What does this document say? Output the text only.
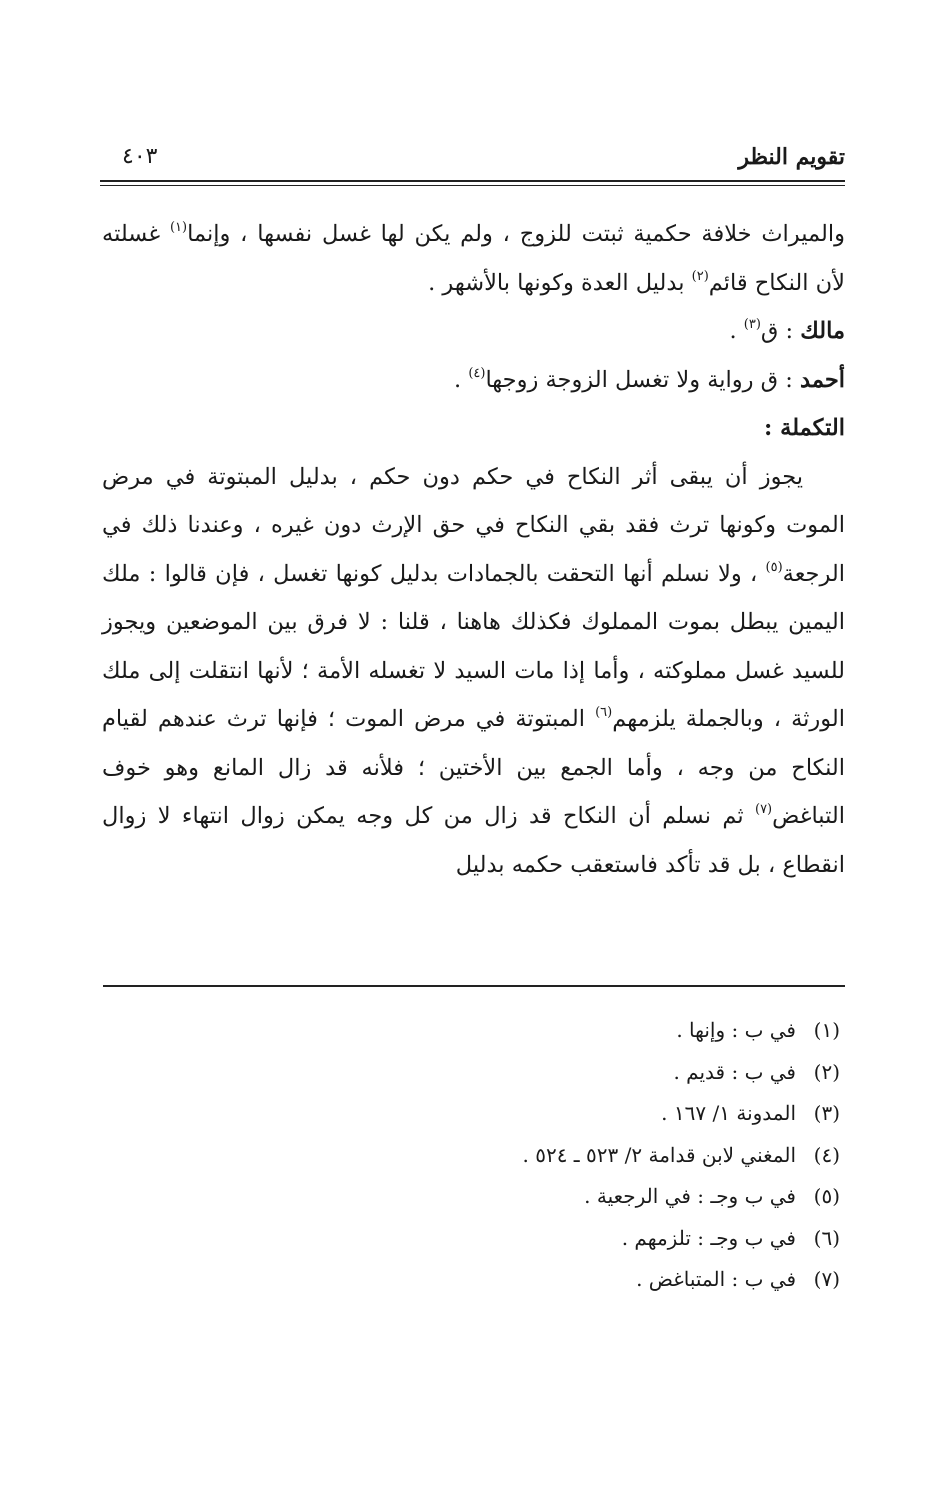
تقويم النظر
٤٠٣

والميراث خلافة حكمية ثبتت للزوج ، ولم يكن لها غسل نفسها ، وإنما$^{(١)}$ غسلته لأن النكاح قائم$^{(٢)}$ بدليل العدة وكونها بالأشهر .

مالك : ق$^{(٣)}$ .

أحمد : ق رواية ولا تغسل الزوجة زوجها$^{(٤)}$ .

التكملة :

يجوز أن يبقى أثر النكاح في حكم دون حكم ، بدليل المبتوتة في مرض الموت وكونها ترث فقد بقي النكاح في حق الإرث دون غيره ، وعندنا ذلك في الرجعة$^{(٥)}$ ، ولا نسلم أنها التحقت بالجمادات بدليل كونها تغسل ، فإن قالوا : ملك اليمين يبطل بموت المملوك فكذلك هاهنا ، قلنا : لا فرق بين الموضعين ويجوز للسيد غسل مملوكته ، وأما إذا مات السيد لا تغسله الأمة ؛ لأنها انتقلت إلى ملك الورثة ، وبالجملة يلزمهم$^{(٦)}$ المبتوتة في مرض الموت ؛ فإنها ترث عندهم لقيام النكاح من وجه ، وأما الجمع بين الأختين ؛ فلأنه قد زال المانع وهو خوف التباغض$^{(٧)}$ ثم نسلم أن النكاح قد زال من كل وجه يمكن زوال انتهاء لا زوال انقطاع ، بل قد تأكد فاستعقب حكمه بدليل

(١)في ب : وإنها .
(٢)في ب : قديم .
(٣)المدونة ١/ ١٦٧ .
(٤)المغني لابن قدامة ٢/ ٥٢٣ ـ ٥٢٤ .
(٥)في ب وجـ : في الرجعية .
(٦)في ب وجـ : تلزمهم .
(٧)في ب : المتباغض .
